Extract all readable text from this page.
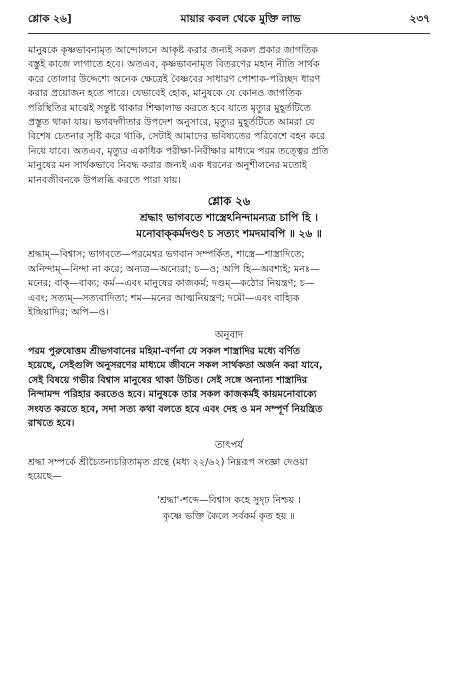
শ্লোক ২৬]	মায়ার কবল থেকে মুক্তি লাভ	২৩৭

মানুষকে কৃষ্ণভাবনামৃত আন্দোলনে আকৃষ্ট করার জন্যই সকল প্রকার জাগতিক

বস্তুই কাজে লাগাতে হবে। অতএব, কৃষ্ণভাবনামৃত বিতরণের মহান নীতি সার্থক

করে তোলার উদ্দেশ্যে অনেক ক্ষেত্রেই বৈষ্ণবের সাধারণ পোশাক-পরিচ্ছদ ধারণ

করার প্রয়োজন হতে পারে। যেভাবেই হোক, মানুষকে যে কোনও জাগতিক

পরিস্থিতির মাঝেই সন্তুষ্ট থাকার শিক্ষালাভ করতে হবে যাতে মৃত্যুর মুহূর্তটিতে

প্রস্তুত থাকা যায়। ভগবদ্গীতার উপদেশ অনুসারে, মৃত্যুর মুহূর্তটিতে আমরা যে

বিশেষ চেতনার সৃষ্টি করে থাকি, সেটাই আমাদের ভবিষ্যতের পরিবেশে বহন করে

নিয়ে যাবে। অতএব, মৃত্যুর একাধিক পরীক্ষা-নিরীক্ষার মাধ্যমে পরম তত্ত্বের প্রতি

মানুষের মন সার্থকভাবে নিবদ্ধ করার জন্যই এক ধরনের অনুশীলনের মতোই

মানবজীবনকে উপলব্ধি করতে পারা যায়।

শ্লোক ২৬
শ্রদ্ধাং ভাগবতে শাস্ত্রেঽনিন্দামন্যত্র চাপি হি ।
মনোবাক্‌কর্মদণ্ডং চ সত্যং শমদমাবপি ॥ ২৬ ॥

শ্রদ্ধাম্—বিশ্বাস; ভাগবতে—পরমেশ্বর ভগবান সম্পর্কিত, শাস্ত্রে—শাস্ত্রাদিতে;

অনিন্দাম্—নিন্দা না করে; অন্যত্র—অন্যেরা; চ—ও; অপি হি—অবশ্যই; মনঃ—

মনের; বাক্—বাক্য; কর্ম—এবং মানুষের কাজকর্ম; দণ্ডম্—কঠোর নিয়ন্ত্রণ; চ—

এবং; সত্যম্—সত্যবাদিতা; শম—মনের আত্মনিয়ন্ত্রণ; দমৌ—এবং বাহ্যিক

ইন্দ্রিয়াদির; অপি—ও।

অনুবাদ

পরম পুরুষোত্তম শ্রীভগবানের মহিমা-বর্ণনা যে সকল শাস্ত্রাদির মধ্যে বর্ণিত

হয়েছে, সেইগুলি অনুসরণের মাধ্যমে জীবনে সকল সার্থকতা অর্জন করা যাবে,

সেই বিষয়ে গভীর বিশ্বাস মানুষের থাকা উচিত। সেই সঙ্গে অন্যান্য শাস্ত্রাদির

নিন্দামন্দ পরিহার করতেও হবে। মানুষকে তার সকল কাজকর্মই কায়মনোবাক্যে

সংযত করতে হবে, সদা সত্য কথা বলতে হবে এবং দেহ ও মন সম্পূর্ণ নিয়ন্ত্রিত

রাখতে হবে।

তাৎপর্য

শ্রদ্ধা সম্পর্কে শ্রীচৈতন্যচরিতামৃত গ্রন্থে (মধ্য ২২/৬২) নিম্নরূপ সংজ্ঞা দেওয়া

হয়েছে—

'শ্রদ্ধা'-শব্দে—বিশ্বাস কহে সুদৃঢ় নিশ্চয় ।
কৃষ্ণে ভক্তি কৈলে সর্বকর্ম কৃত হয় ॥
